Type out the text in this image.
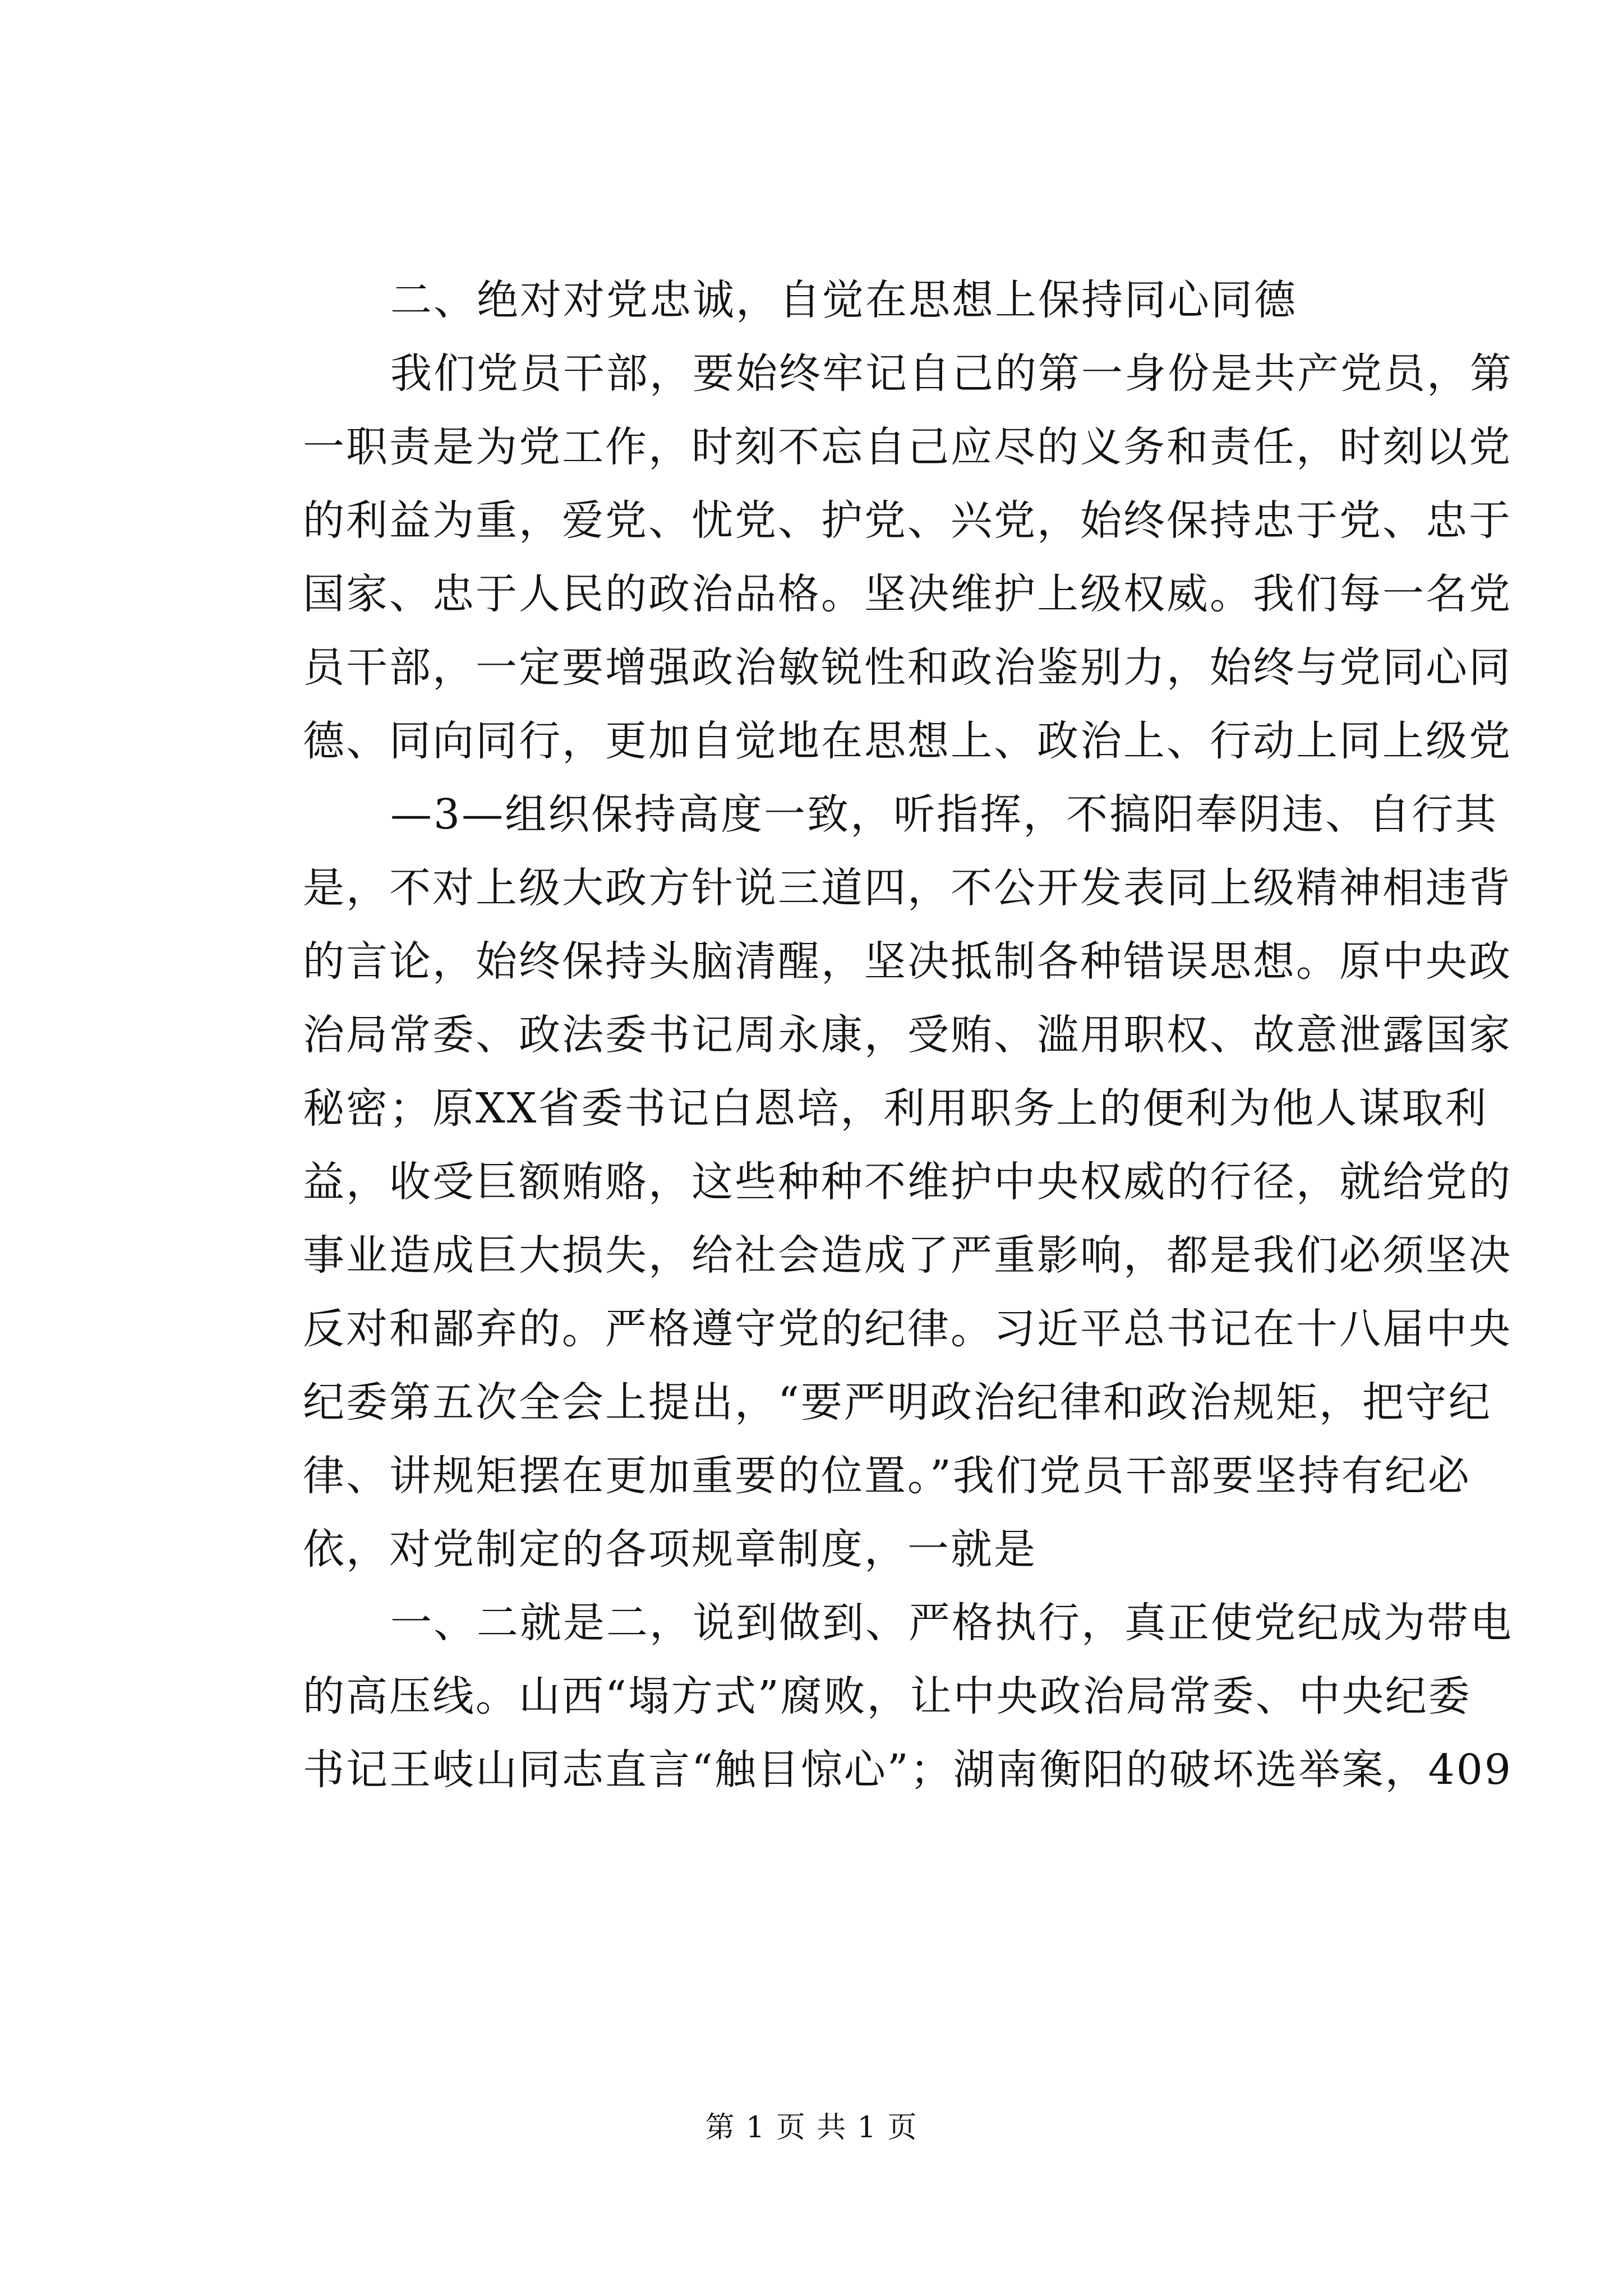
二、绝对对党忠诚，自觉在思想上保持同心同德
我们党员干部，要始终牢记自己的第一身份是共产党员，第
一职责是为党工作，时刻不忘自己应尽的义务和责任，时刻以党
的利益为重，爱党、忧党、护党、兴党，始终保持忠于党、忠于
国家、忠于人民的政治品格。坚决维护上级权威。我们每一名党
员干部，一定要增强政治敏锐性和政治鉴别力，始终与党同心同
德、同向同行，更加自觉地在思想上、政治上、行动上同上级党
—3—组织保持高度一致，听指挥，不搞阳奉阴违、自行其
是，不对上级大政方针说三道四，不公开发表同上级精神相违背
的言论，始终保持头脑清醒，坚决抵制各种错误思想。原中央政
治局常委、政法委书记周永康，受贿、滥用职权、故意泄露国家
秘密；原XX省委书记白恩培，利用职务上的便利为他人谋取利
益，收受巨额贿赂，这些种种不维护中央权威的行径，就给党的
事业造成巨大损失，给社会造成了严重影响，都是我们必须坚决
反对和鄙弃的。严格遵守党的纪律。习近平总书记在十八届中央
纪委第五次全会上提出，“要严明政治纪律和政治规矩，把守纪
律、讲规矩摆在更加重要的位置。”我们党员干部要坚持有纪必
依，对党制定的各项规章制度，一就是
一、二就是二，说到做到、严格执行，真正使党纪成为带电
的高压线。山西“塌方式”腐败，让中央政治局常委、中央纪委
书记王岐山同志直言“触目惊心”；湖南衡阳的破坏选举案，409
第 1 页 共 1 页
